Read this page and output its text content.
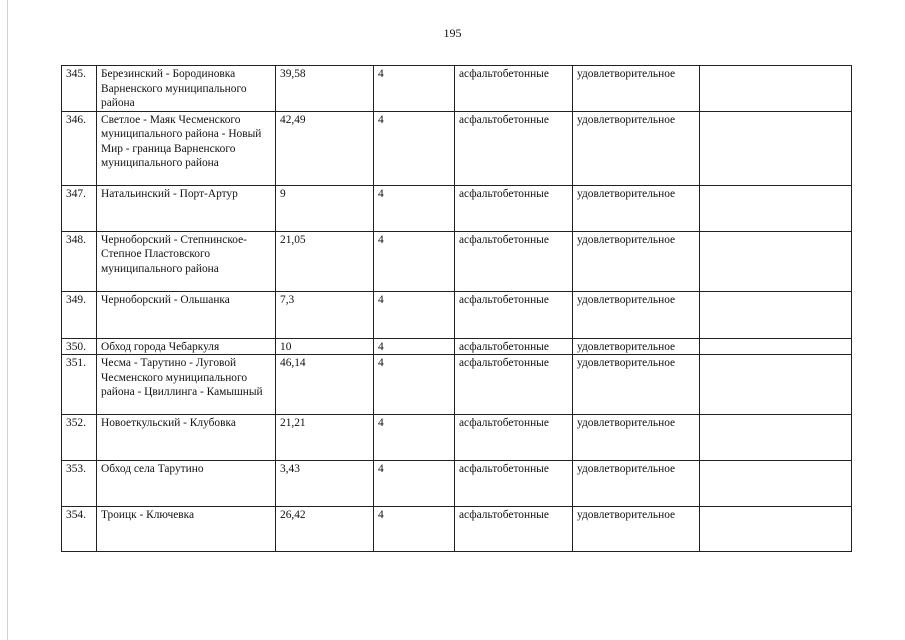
195
345.	Березинский - Бородиновка Варненского муниципального района	39,58	4	асфальтобетонные	удовлетворительное	
346.	Светлое - Маяк Чесменского муниципального района - Новый Мир - граница Варненского муниципального района	42,49	4	асфальтобетонные	удовлетворительное	
347.	Натальинский - Порт-Артур	9	4	асфальтобетонные	удовлетворительное	
348.	Черноборский - Степнинское- Степное Пластовского муниципального района	21,05	4	асфальтобетонные	удовлетворительное	
349.	Черноборский - Ольшанка	7,3	4	асфальтобетонные	удовлетворительное	
350.	Обход города Чебаркуля	10	4	асфальтобетонные	удовлетворительное	
351.	Чесма - Тарутино - Луговой Чесменского муниципального района - Цвиллинга - Камышный	46,14	4	асфальтобетонные	удовлетворительное	
352.	Новоеткульский - Клубовка	21,21	4	асфальтобетонные	удовлетворительное	
353.	Обход села Тарутино	3,43	4	асфальтобетонные	удовлетворительное	
354.	Троицк - Ключевка	26,42	4	асфальтобетонные	удовлетворительное	
